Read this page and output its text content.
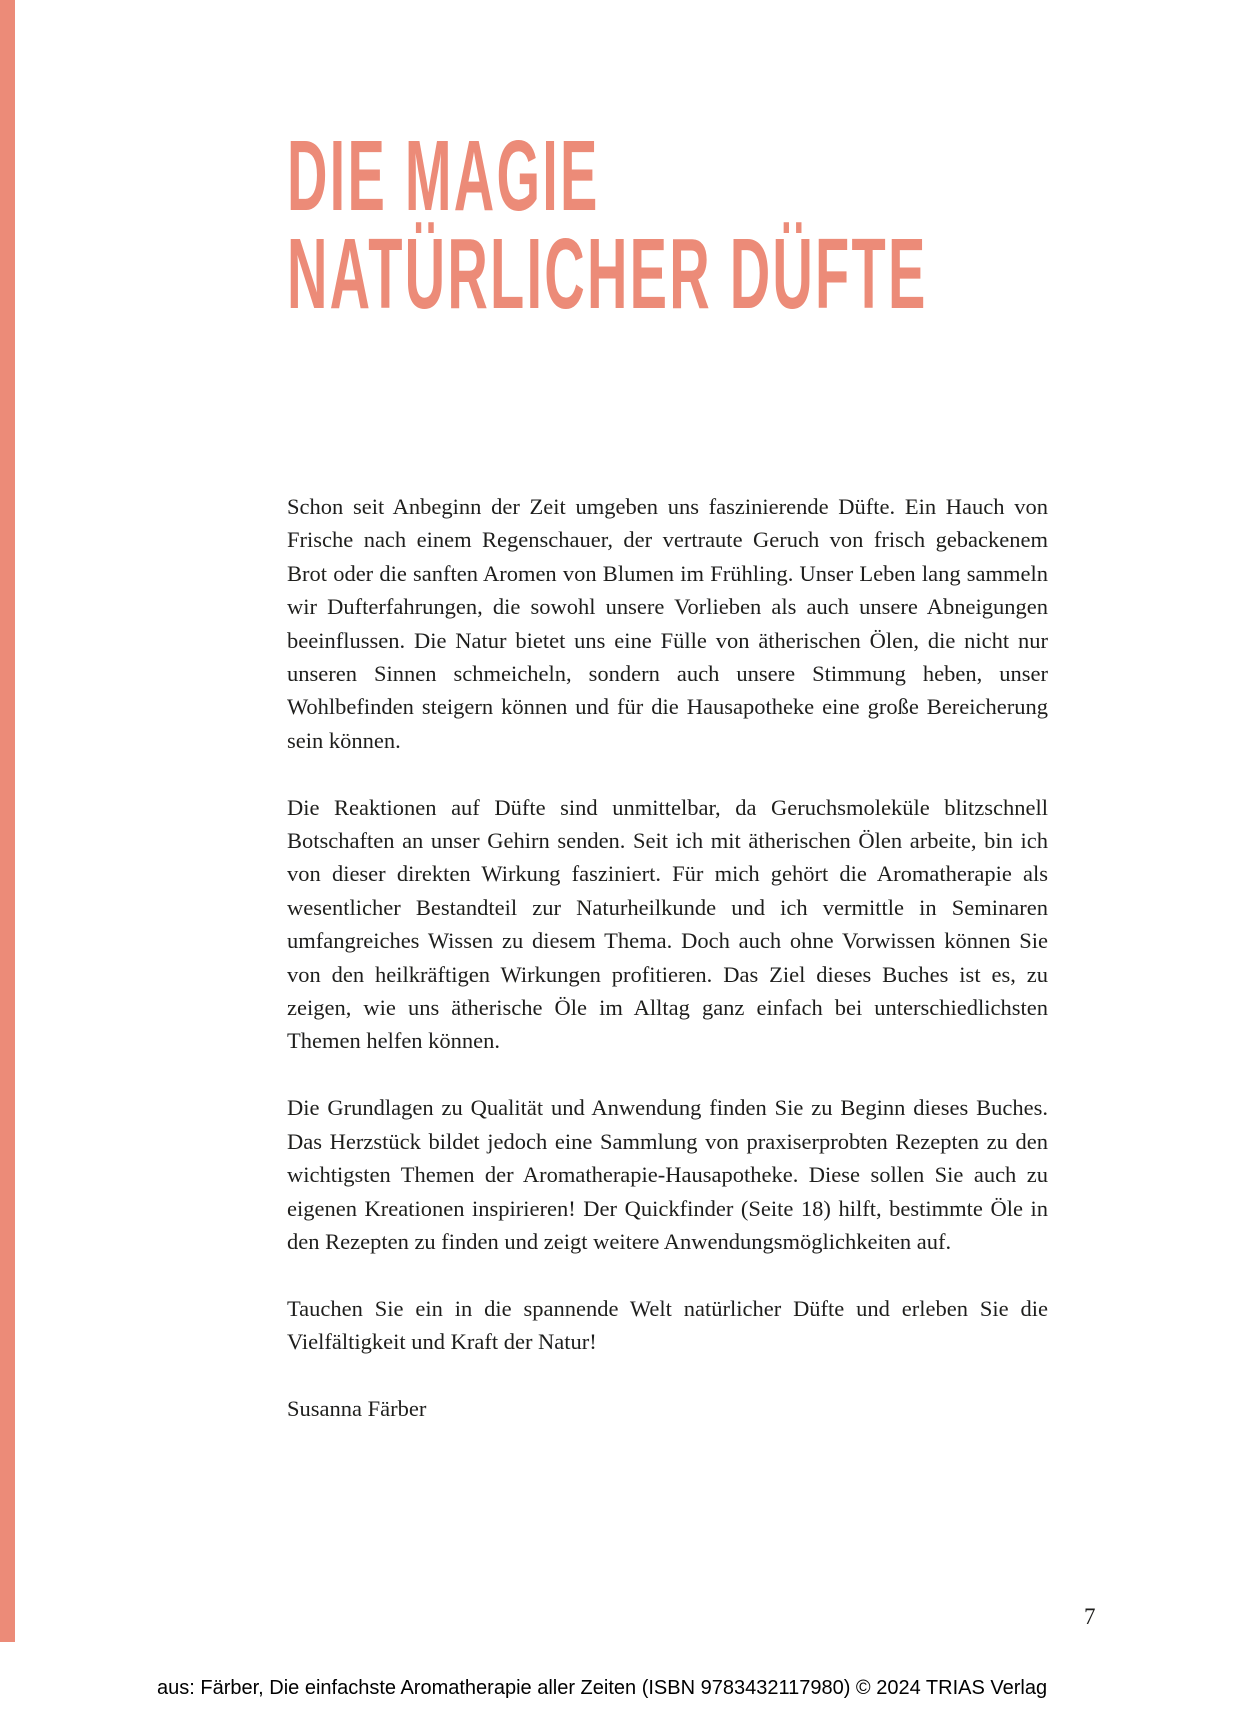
DIE MAGIE
NATÜRLICHER DÜFTE

Schon seit Anbeginn der Zeit umgeben uns faszinierende Düfte. Ein Hauch von Frische nach einem Regenschauer, der vertraute Geruch von frisch gebackenem Brot oder die sanften Aromen von Blumen im Frühling. Unser Leben lang sammeln wir Dufterfahrungen, die sowohl unsere Vorlieben als auch unsere Abneigungen beeinflussen. Die Natur bietet uns eine Fülle von ätherischen Ölen, die nicht nur unseren Sinnen schmeicheln, sondern auch unsere Stimmung heben, unser Wohlbefinden steigern können und für die Hausapotheke eine große Bereicherung sein können.

Die Reaktionen auf Düfte sind unmittelbar, da Geruchsmoleküle blitzschnell Botschaften an unser Gehirn senden. Seit ich mit ätherischen Ölen arbeite, bin ich von dieser direkten Wirkung fasziniert. Für mich gehört die Aromatherapie als wesentlicher Bestandteil zur Naturheilkunde und ich vermittle in Seminaren umfangreiches Wissen zu diesem Thema. Doch auch ohne Vorwissen können Sie von den heilkräftigen Wirkungen profitieren. Das Ziel dieses Buches ist es, zu zeigen, wie uns ätherische Öle im Alltag ganz einfach bei unterschiedlichsten Themen helfen können.

Die Grundlagen zu Qualität und Anwendung finden Sie zu Beginn dieses Buches. Das Herzstück bildet jedoch eine Sammlung von praxiserprobten Rezepten zu den wichtigsten Themen der Aromatherapie-Hausapotheke. Diese sollen Sie auch zu eigenen Kreationen inspirieren! Der Quickfinder (Seite 18) hilft, bestimmte Öle in den Rezepten zu finden und zeigt weitere Anwendungsmöglichkeiten auf.

Tauchen Sie ein in die spannende Welt natürlicher Düfte und erleben Sie die Vielfältigkeit und Kraft der Natur!

Susanna Färber

7
aus: Färber, Die einfachste Aromatherapie aller Zeiten (ISBN 9783432117980) © 2024 TRIAS Verlag
